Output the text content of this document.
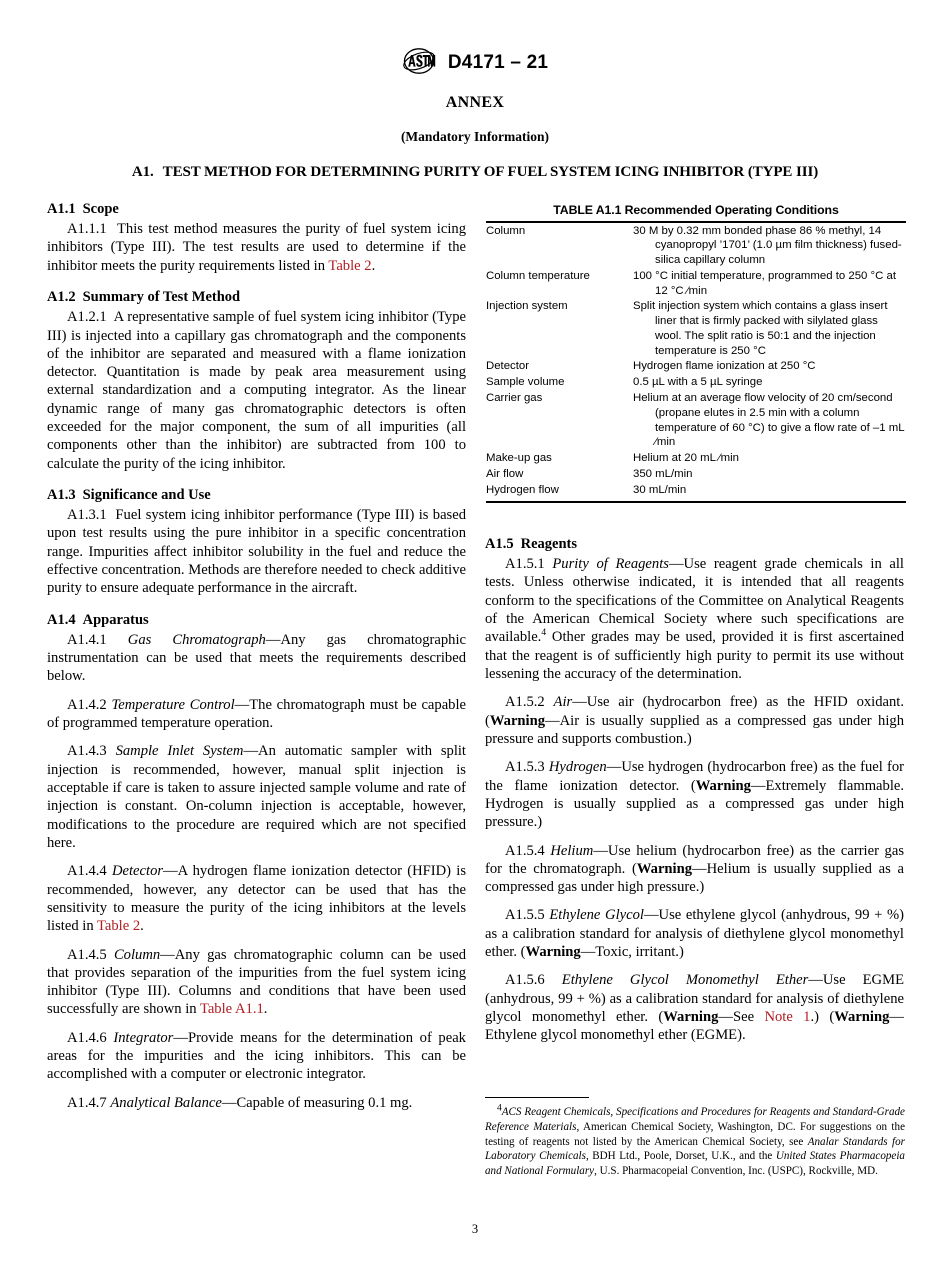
D4171 – 21
ANNEX
(Mandatory Information)
A1. TEST METHOD FOR DETERMINING PURITY OF FUEL SYSTEM ICING INHIBITOR (TYPE III)
A1.1 Scope

A1.1.1 This test method measures the purity of fuel system icing inhibitors (Type III). The test results are used to determine if the inhibitor meets the purity requirements listed in Table 2.

A1.2 Summary of Test Method

A1.2.1 A representative sample of fuel system icing inhibitor (Type III) is injected into a capillary gas chromatograph and the components of the inhibitor are separated and measured with a flame ionization detector. Quantitation is made by peak area measurement using external standardization and a computing integrator. As the linear dynamic range of many gas chromatographic detectors is often exceeded for the major component, the sum of all impurities (all components other than the inhibitor) are subtracted from 100 to calculate the purity of the icing inhibitor.

A1.3 Significance and Use

A1.3.1 Fuel system icing inhibitor performance (Type III) is based upon test results using the pure inhibitor in a specific concentration range. Impurities affect inhibitor solubility in the fuel and reduce the effective concentration. Methods are therefore needed to check additive purity to ensure adequate performance in the aircraft.

A1.4 Apparatus

A1.4.1 Gas Chromatograph—Any gas chromatographic instrumentation can be used that meets the requirements described below.

A1.4.2 Temperature Control—The chromatograph must be capable of programmed temperature operation.

A1.4.3 Sample Inlet System—An automatic sampler with split injection is recommended, however, manual split injection is acceptable if care is taken to assure injected sample volume and rate of injection is constant. On-column injection is acceptable, however, modifications to the procedure are required which are not specified here.

A1.4.4 Detector—A hydrogen flame ionization detector (HFID) is recommended, however, any detector can be used that has the sensitivity to measure the purity of the icing inhibitors at the levels listed in Table 2.

A1.4.5 Column—Any gas chromatographic column can be used that provides separation of the impurities from the fuel system icing inhibitor (Type III). Columns and conditions that have been used successfully are shown in Table A1.1.

A1.4.6 Integrator—Provide means for the determination of peak areas for the impurities and the icing inhibitors. This can be accomplished with a computer or electronic integrator.

A1.4.7 Analytical Balance—Capable of measuring 0.1 mg.

TABLE A1.1 Recommended Operating Conditions

Column	30 M by 0.32 mm bonded phase 86 % methyl, 14 cyanopropyl ’1701’ (1.0 µm film thickness) fused-silica capillary column

Column temperature	100 °C initial temperature, programmed to 250 °C at 12 °C ⁄min

Injection system	Split injection system which contains a glass insert liner that is firmly packed with silylated glass wool. The split ratio is 50:1 and the injection temperature is 250 °C

Detector	Hydrogen flame ionization at 250 °C

Sample volume	0.5 µL with a 5 µL syringe

Carrier gas	Helium at an average flow velocity of 20 cm/second (propane elutes in 2.5 min with a column temperature of 60 °C) to give a flow rate of –1 mL ⁄min

Make-up gas	Helium at 20 mL ⁄min

Air flow	350 mL/min

Hydrogen flow	30 mL/min
A1.5 Reagents

A1.5.1 Purity of Reagents—Use reagent grade chemicals in all tests. Unless otherwise indicated, it is intended that all reagents conform to the specifications of the Committee on Analytical Reagents of the American Chemical Society where such specifications are available.$^4$ Other grades may be used, provided it is first ascertained that the reagent is of sufficiently high purity to permit its use without lessening the accuracy of the determination.

A1.5.2 Air—Use air (hydrocarbon free) as the HFID oxidant. (Warning—Air is usually supplied as a compressed gas under high pressure and supports combustion.)

A1.5.3 Hydrogen—Use hydrogen (hydrocarbon free) as the fuel for the flame ionization detector. (Warning—Extremely flammable. Hydrogen is usually supplied as a compressed gas under high pressure.)

A1.5.4 Helium—Use helium (hydrocarbon free) as the carrier gas for the chromatograph. (Warning—Helium is usually supplied as a compressed gas under high pressure.)

A1.5.5 Ethylene Glycol—Use ethylene glycol (anhydrous, 99 + %) as a calibration standard for analysis of diethylene glycol monomethyl ether. (Warning—Toxic, irritant.)

A1.5.6 Ethylene Glycol Monomethyl Ether—Use EGME (anhydrous, 99 + %) as a calibration standard for analysis of diethylene glycol monomethyl ether. (Warning—See Note 1.) (Warning—Ethylene glycol monomethyl ether (EGME).

$^4$ACS Reagent Chemicals, Specifications and Procedures for Reagents and Standard-Grade Reference Materials, American Chemical Society, Washington, DC. For suggestions on the testing of reagents not listed by the American Chemical Society, see Analar Standards for Laboratory Chemicals, BDH Ltd., Poole, Dorset, U.K., and the United States Pharmacopeia and National Formulary, U.S. Pharmacopeial Convention, Inc. (USPC), Rockville, MD.

3
